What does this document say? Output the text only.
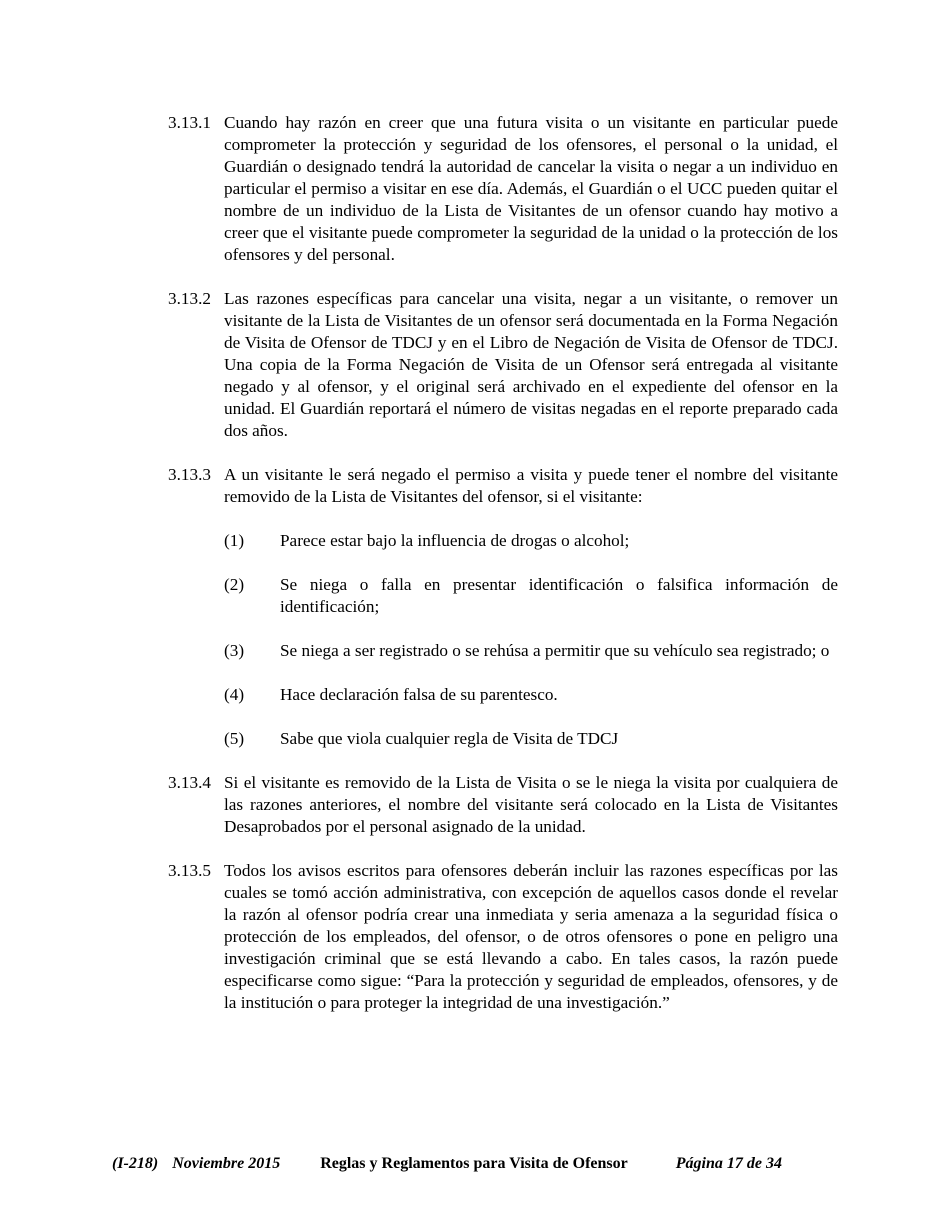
3.13.1 Cuando hay razón en creer que una futura visita o un visitante en particular puede comprometer la protección y seguridad de los ofensores, el personal o la unidad, el Guardián o designado tendrá la autoridad de cancelar la visita o negar a un individuo en particular el permiso a visitar en ese día. Además, el Guardián o el UCC pueden quitar el nombre de un individuo de la Lista de Visitantes de un ofensor cuando hay motivo a creer que el visitante puede comprometer la seguridad de la unidad o la protección de los ofensores y del personal.
3.13.2 Las razones específicas para cancelar una visita, negar a un visitante, o remover un visitante de la Lista de Visitantes de un ofensor será documentada en la Forma Negación de Visita de Ofensor de TDCJ y en el Libro de Negación de Visita de Ofensor de TDCJ. Una copia de la Forma Negación de Visita de un Ofensor será entregada al visitante negado y al ofensor, y el original será archivado en el expediente del ofensor en la unidad. El Guardián reportará el número de visitas negadas en el reporte preparado cada dos años.
3.13.3 A un visitante le será negado el permiso a visita y puede tener el nombre del visitante removido de la Lista de Visitantes del ofensor, si el visitante:
(1)	Parece estar bajo la influencia de drogas o alcohol;
(2)	Se niega o falla en presentar identificación o falsifica información de identificación;
(3)	Se niega a ser registrado o se rehúsa a permitir que su vehículo sea registrado; o
(4)	Hace declaración falsa de su parentesco.
(5)	Sabe que viola cualquier regla de Visita de TDCJ
3.13.4 Si el visitante es removido de la Lista de Visita o se le niega la visita por cualquiera de las razones anteriores, el nombre del visitante será colocado en la Lista de Visitantes Desaprobados por el personal asignado de la unidad.
3.13.5 Todos los avisos escritos para ofensores deberán incluir las razones específicas por las cuales se tomó acción administrativa, con excepción de aquellos casos donde el revelar la razón al ofensor podría crear una inmediata y seria amenaza a la seguridad física o protección de los empleados, del ofensor, o de otros ofensores o pone en peligro una investigación criminal que se está llevando a cabo. En tales casos, la razón puede especificarse como sigue: “Para la protección y seguridad de empleados, ofensores, y de la institución o para proteger la integridad de una investigación.”
(I-218) Noviembre 2015	Reglas y Reglamentos para Visita de Ofensor	Página 17 de 34
